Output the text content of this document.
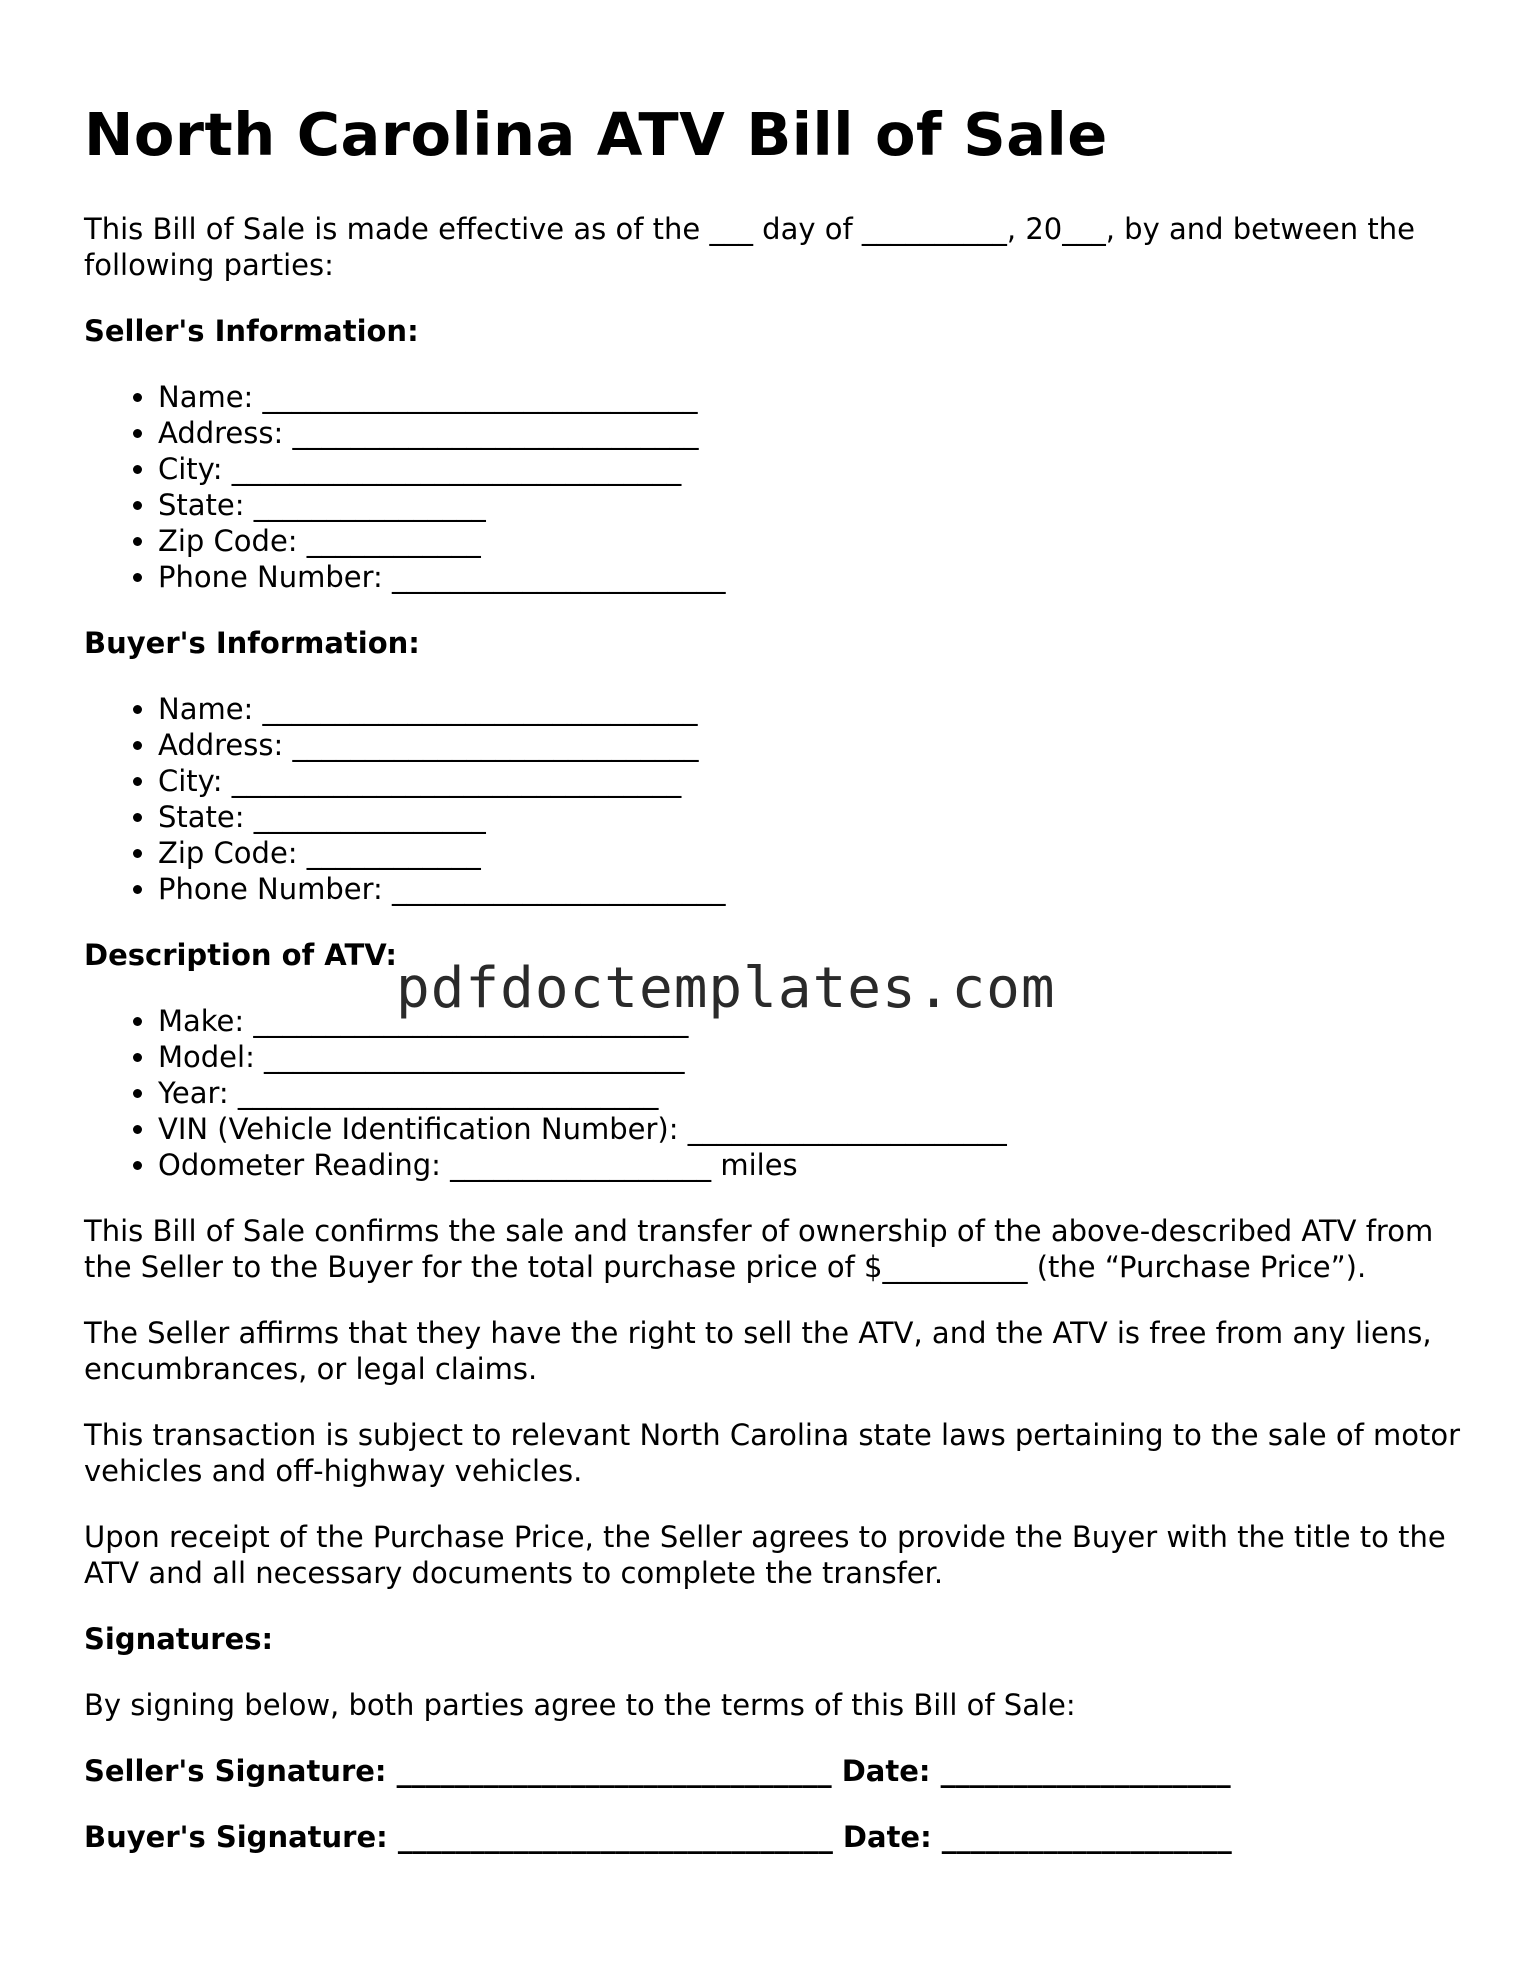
North Carolina ATV Bill of Sale

This Bill of Sale is made effective as of the ___ day of __________, 20___, by and between the following parties:

Seller's Information:
• Name: ______________________________
• Address: ____________________________
• City: _______________________________
• State: ________________
• Zip Code: ____________
• Phone Number: _______________________
Buyer's Information:
• Name: ______________________________
• Address: ____________________________
• City: _______________________________
• State: ________________
• Zip Code: ____________
• Phone Number: _______________________
Description of ATV:
• Make: ______________________________
• Model: _____________________________
• Year: _____________________________
• VIN (Vehicle Identification Number): ______________________
• Odometer Reading: __________________ miles

This Bill of Sale confirms the sale and transfer of ownership of the above-described ATV from the Seller to the Buyer for the total purchase price of $__________ (the “Purchase Price”).

The Seller affirms that they have the right to sell the ATV, and the ATV is free from any liens, encumbrances, or legal claims.

This transaction is subject to relevant North Carolina state laws pertaining to the sale of motor vehicles and off-highway vehicles.

Upon receipt of the Purchase Price, the Seller agrees to provide the Buyer with the title to the ATV and all necessary documents to complete the transfer.

Signatures:

By signing below, both parties agree to the terms of this Bill of Sale:

Seller's Signature: ______________________________ Date: ____________________
Buyer's Signature: ______________________________ Date: ____________________
pdfdoctemplates.com
